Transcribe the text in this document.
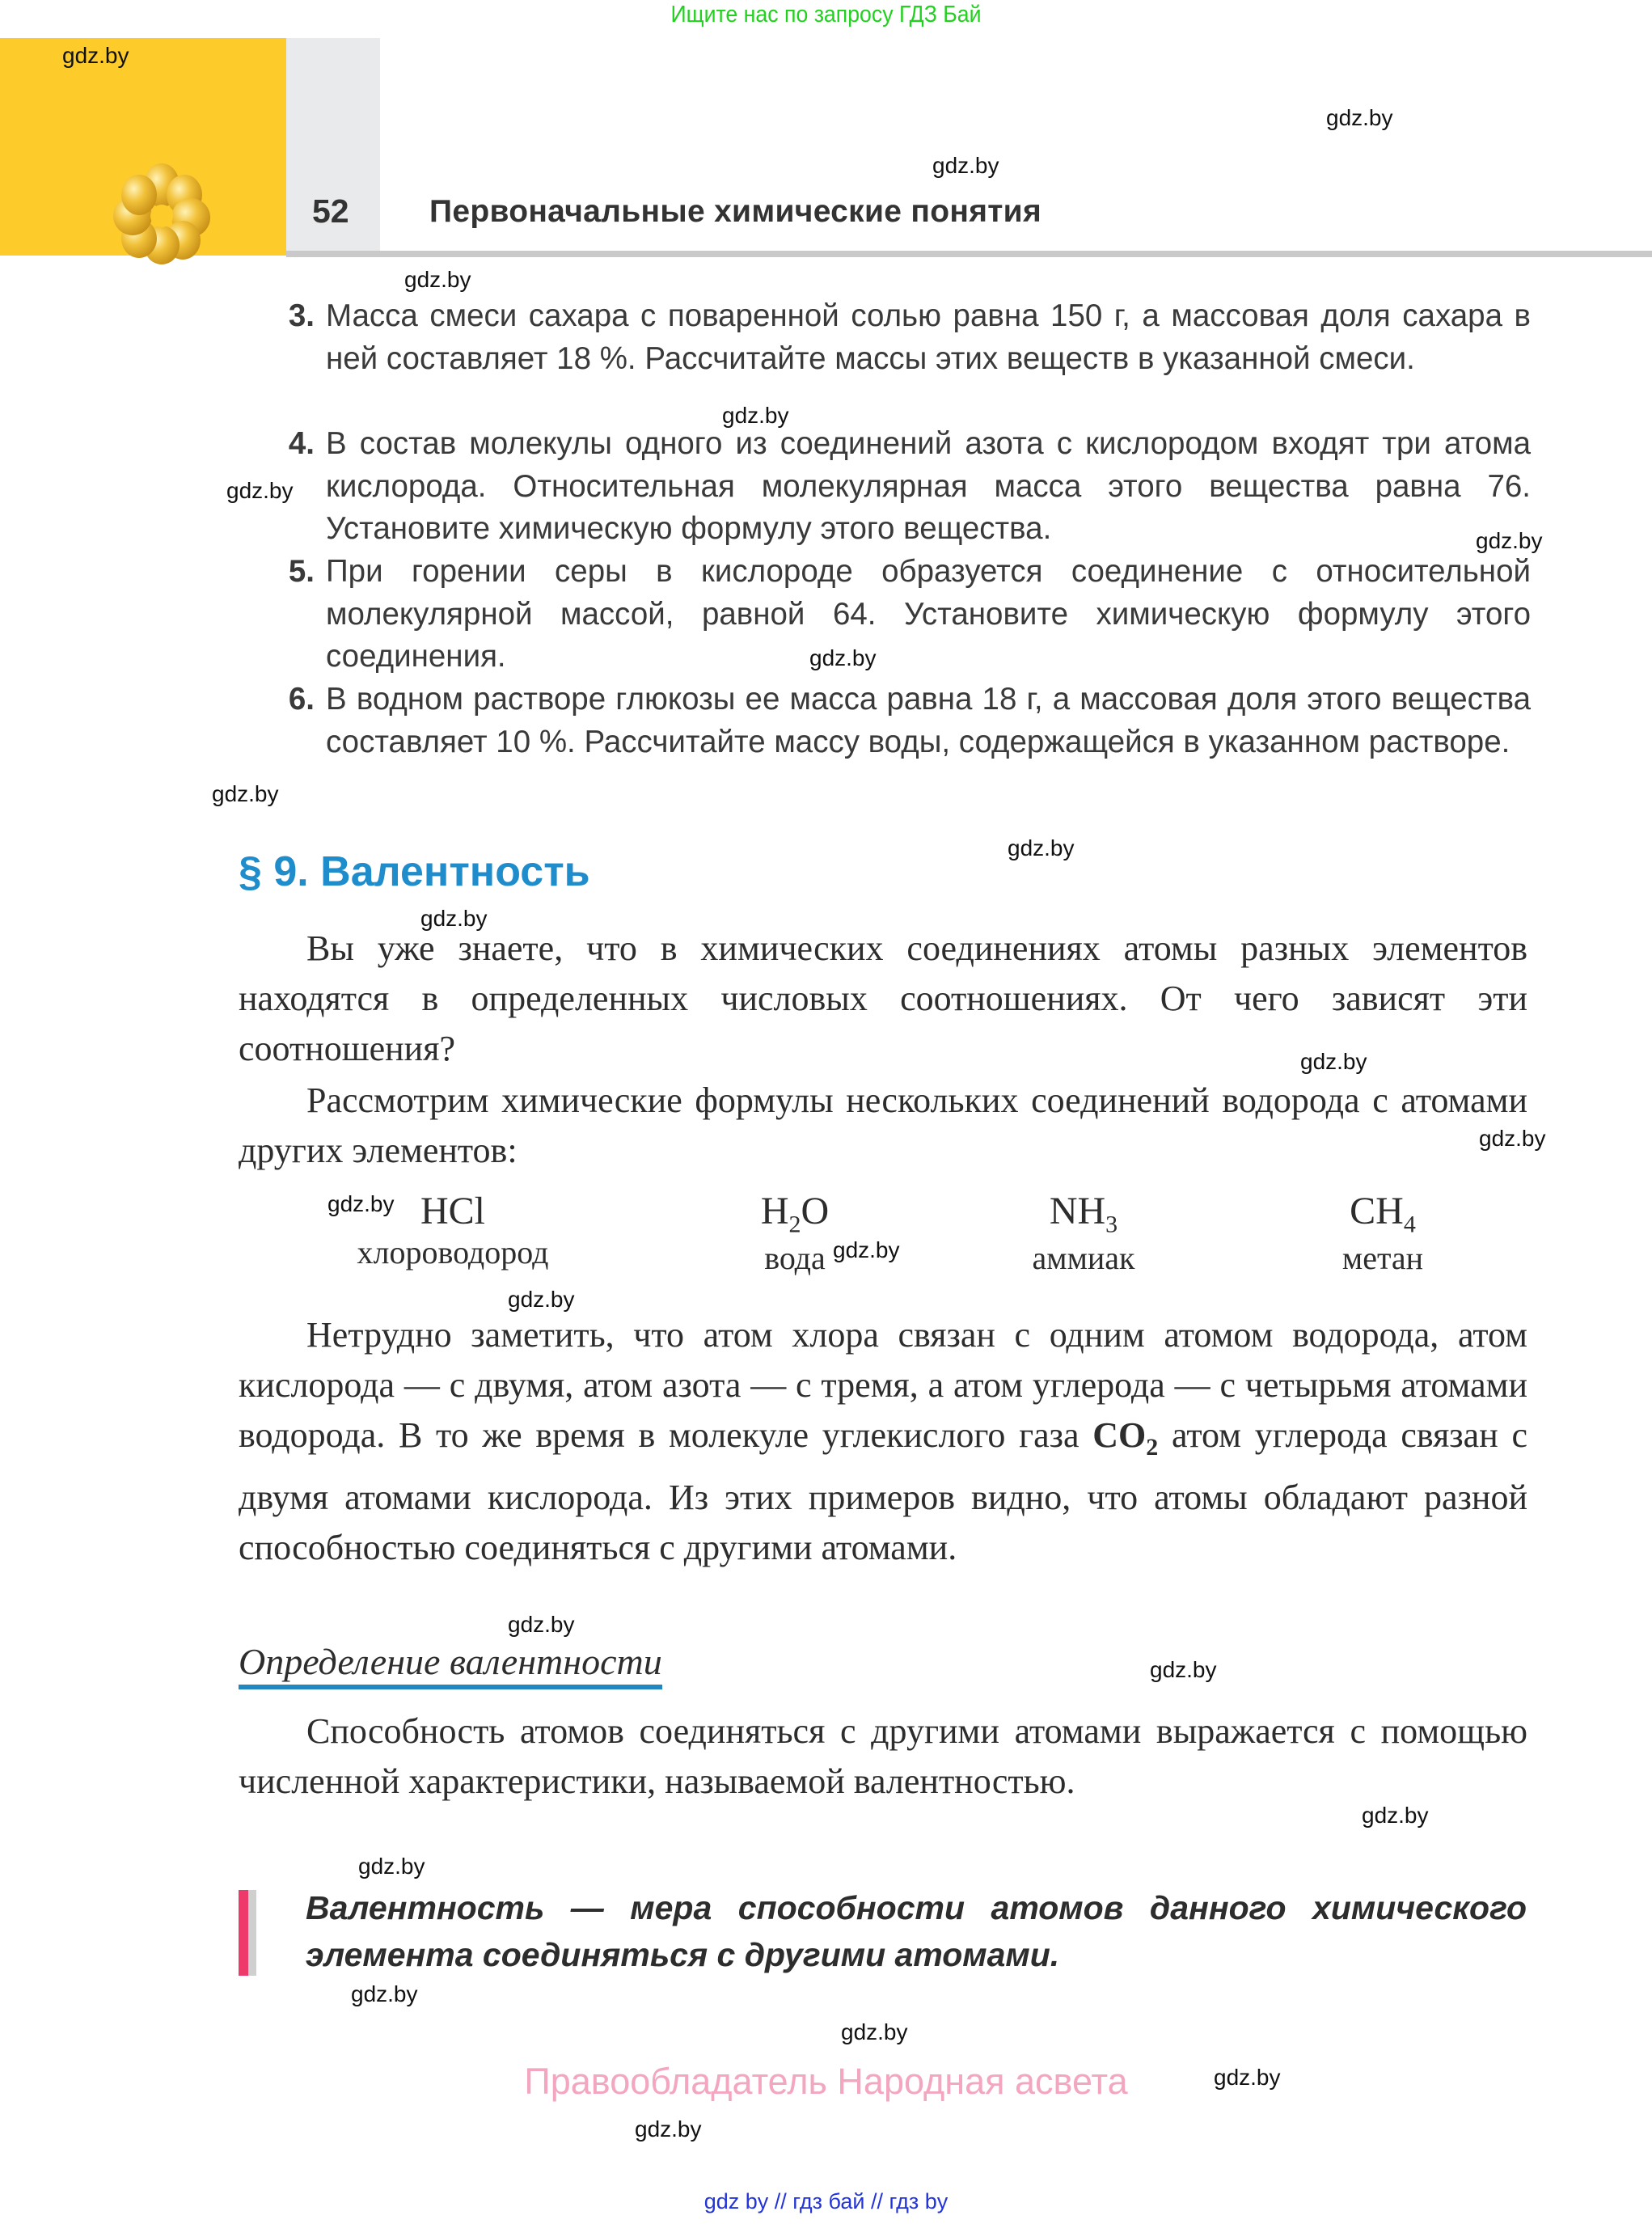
Ищите нас по запросу ГДЗ Бай
52	Первоначальные химические понятия
3. Масса смеси сахара с поваренной солью равна 150 г, а массовая доля сахара в ней составляет 18 %. Рассчитайте массы этих веществ в указанной смеси.
4. В состав молекулы одного из соединений азота с кислородом входят три атома кислорода. Относительная молекулярная масса этого вещества равна 76. Установите химическую формулу этого вещества.
5. При горении серы в кислороде образуется соединение с относительной молекулярной массой, равной 64. Установите химическую формулу этого соединения.
6. В водном растворе глюкозы ее масса равна 18 г, а массовая доля этого вещества составляет 10 %. Рассчитайте массу воды, содержащейся в указанном растворе.
§ 9. Валентность
Вы уже знаете, что в химических соединениях атомы разных элементов находятся в определенных числовых соотношениях. От чего зависят эти соотношения?
Рассмотрим химические формулы нескольких соединений водорода с атомами других элементов:
HCl
хлороводород
$H_2O$
вода
$NH_3$
аммиак
$CH_4$
метан
Нетрудно заметить, что атом хлора связан с одним атомом водорода, атом кислорода — с двумя, атом азота — с тремя, а атом углерода — с четырьмя атомами водорода. В то же время в молекуле углекислого газа $CO_2$ атом углерода связан с двумя атомами кислорода. Из этих примеров видно, что атомы обладают разной способностью соединяться с другими атомами.
Определение валентности
Способность атомов соединяться с другими атомами выражается с помощью численной характеристики, называемой валентностью.
Валентность — мера способности атомов данного химического элемента соединяться с другими атомами.
Правообладатель Народная асвета
gdz by // гдз бай // гдз by
gdz.by
gdz.by
gdz.by
gdz.by
gdz.by
gdz.by
gdz.by
gdz.by
gdz.by
gdz.by
gdz.by
gdz.by
gdz.by
gdz.by
gdz.by
gdz.by
gdz.by
gdz.by
gdz.by
gdz.by
gdz.by
gdz.by
gdz.by
gdz.by
